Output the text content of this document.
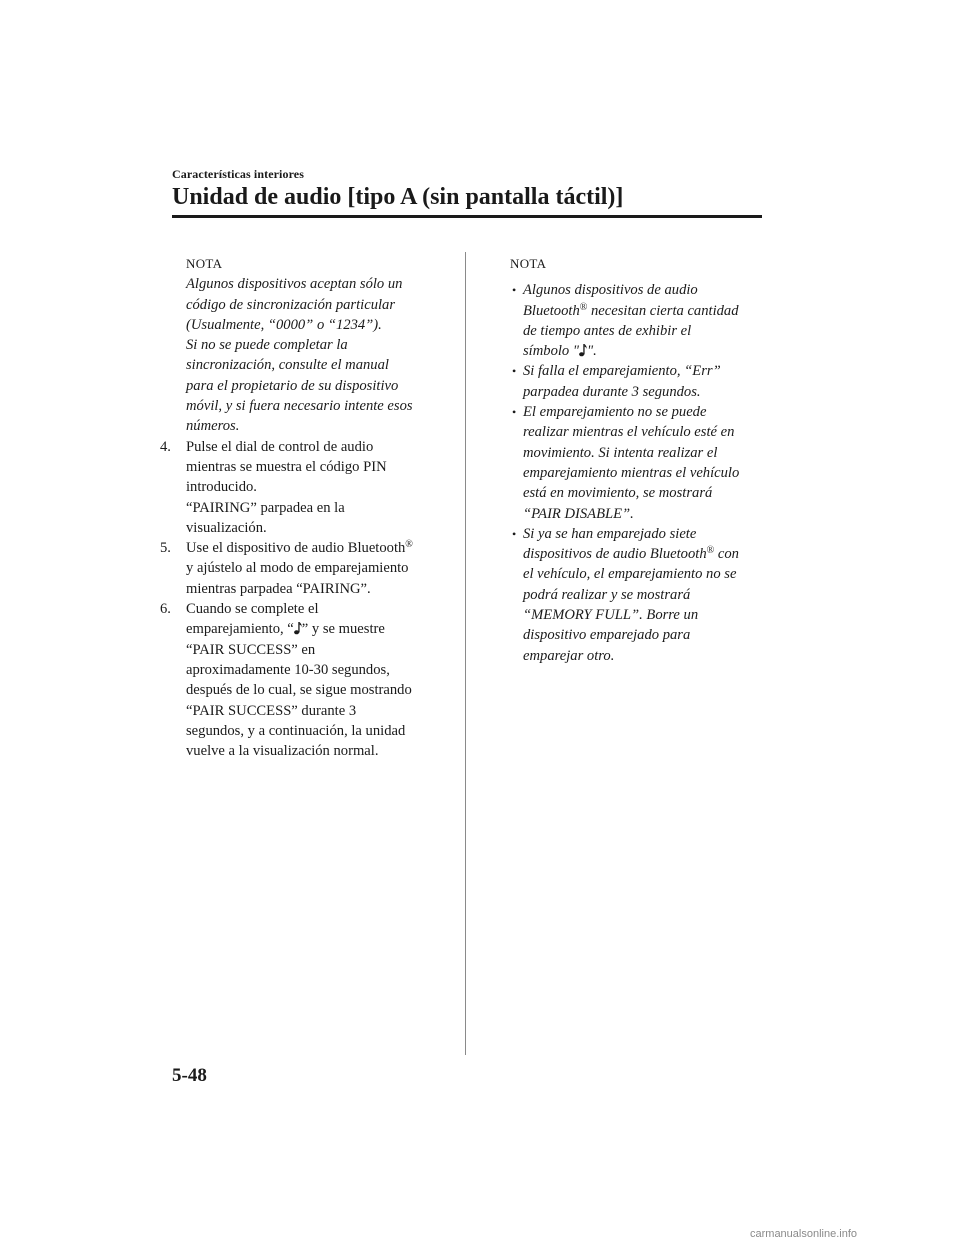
Características interiores
Unidad de audio [tipo A (sin pantalla táctil)]
NOTA
Algunos dispositivos aceptan sólo un
código de sincronización particular
(Usualmente, “0000” o “1234”).
Si no se puede completar la
sincronización, consulte el manual
para el propietario de su dispositivo
móvil, y si fuera necesario intente esos
números.
4. Pulse el dial de control de audio
mientras se muestra el código PIN
introducido.
“PAIRING” parpadea en la
visualización.
5. Use el dispositivo de audio Bluetooth®
y ajústelo al modo de emparejamiento
mientras parpadea “PAIRING”.
6. Cuando se complete el
emparejamiento, “ ” y se muestre
“PAIR SUCCESS” en
aproximadamente 10-30 segundos,
después de lo cual, se sigue mostrando
“PAIR SUCCESS” durante 3
segundos, y a continuación, la unidad
vuelve a la visualización normal.
NOTA
• Algunos dispositivos de audio
Bluetooth® necesitan cierta cantidad
de tiempo antes de exhibir el
símbolo " ".
• Si falla el emparejamiento, “Err”
parpadea durante 3 segundos.
• El emparejamiento no se puede
realizar mientras el vehículo esté en
movimiento. Si intenta realizar el
emparejamiento mientras el vehículo
está en movimiento, se mostrará
“PAIR DISABLE”.
• Si ya se han emparejado siete
dispositivos de audio Bluetooth® con
el vehículo, el emparejamiento no se
podrá realizar y se mostrará
“MEMORY FULL”. Borre un
dispositivo emparejado para
emparejar otro.
5-48
carmanualsonline.info
